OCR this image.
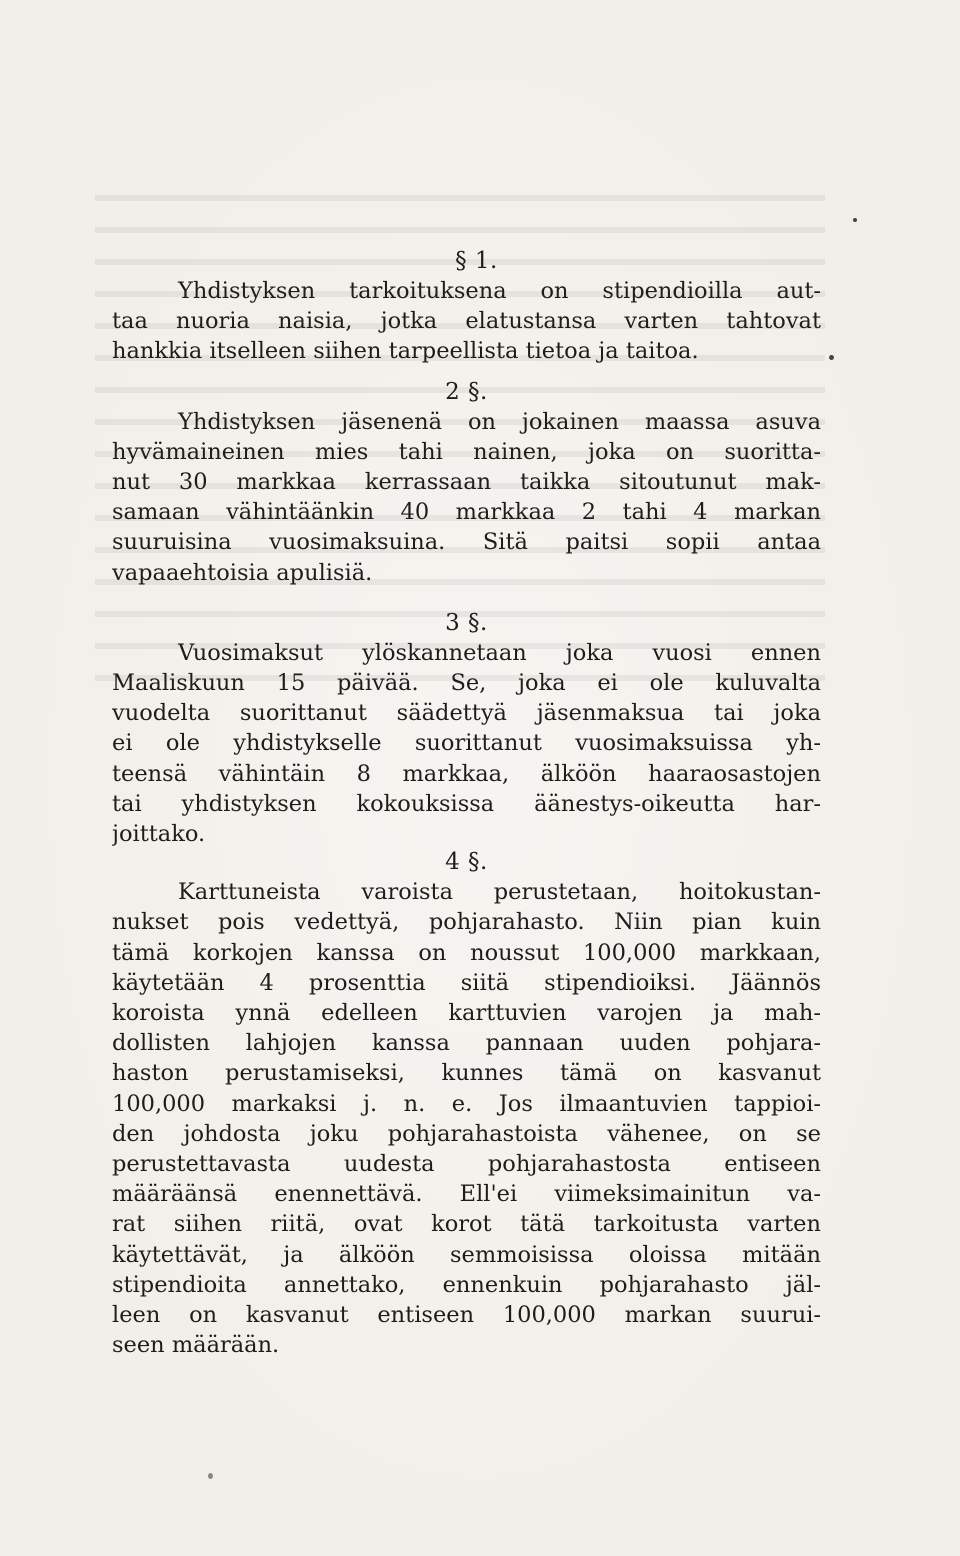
§ 1.
Yhdistyksen tarkoituksena on stipendioilla aut-
taa nuoria naisia, jotka elatustansa varten tahtovat
hankkia itselleen siihen tarpeellista tietoa ja taitoa.
2 §.
Yhdistyksen jäsenenä on jokainen maassa asuva
hyvämaineinen mies tahi nainen, joka on suoritta-
nut 30 markkaa kerrassaan taikka sitoutunut mak-
samaan vähintäänkin 40 markkaa 2 tahi 4 markan
suuruisina vuosimaksuina. Sitä paitsi sopii antaa
vapaaehtoisia apulisiä.
3 §.
Vuosimaksut ylöskannetaan joka vuosi ennen
Maaliskuun 15 päivää. Se, joka ei ole kuluvalta
vuodelta suorittanut säädettyä jäsenmaksua tai joka
ei ole yhdistykselle suorittanut vuosimaksuissa yh-
teensä vähintäin 8 markkaa, älköön haaraosastojen
tai yhdistyksen kokouksissa äänestys-oikeutta har-
joittako.
4 §.
Karttuneista varoista perustetaan, hoitokustan-
nukset pois vedettyä, pohjarahasto. Niin pian kuin
tämä korkojen kanssa on noussut 100,000 markkaan,
käytetään 4 prosenttia siitä stipendioiksi. Jäännös
koroista ynnä edelleen karttuvien varojen ja mah-
dollisten lahjojen kanssa pannaan uuden pohjara-
haston perustamiseksi, kunnes tämä on kasvanut
100,000 markaksi j. n. e. Jos ilmaantuvien tappioi-
den johdosta joku pohjarahastoista vähenee, on se
perustettavasta uudesta pohjarahastosta entiseen
määräänsä enennettävä. Ell'ei viimeksimainitun va-
rat siihen riitä, ovat korot tätä tarkoitusta varten
käytettävät, ja älköön semmoisissa oloissa mitään
stipendioita annettako, ennenkuin pohjarahasto jäl-
leen on kasvanut entiseen 100,000 markan suurui-
seen määrään.
